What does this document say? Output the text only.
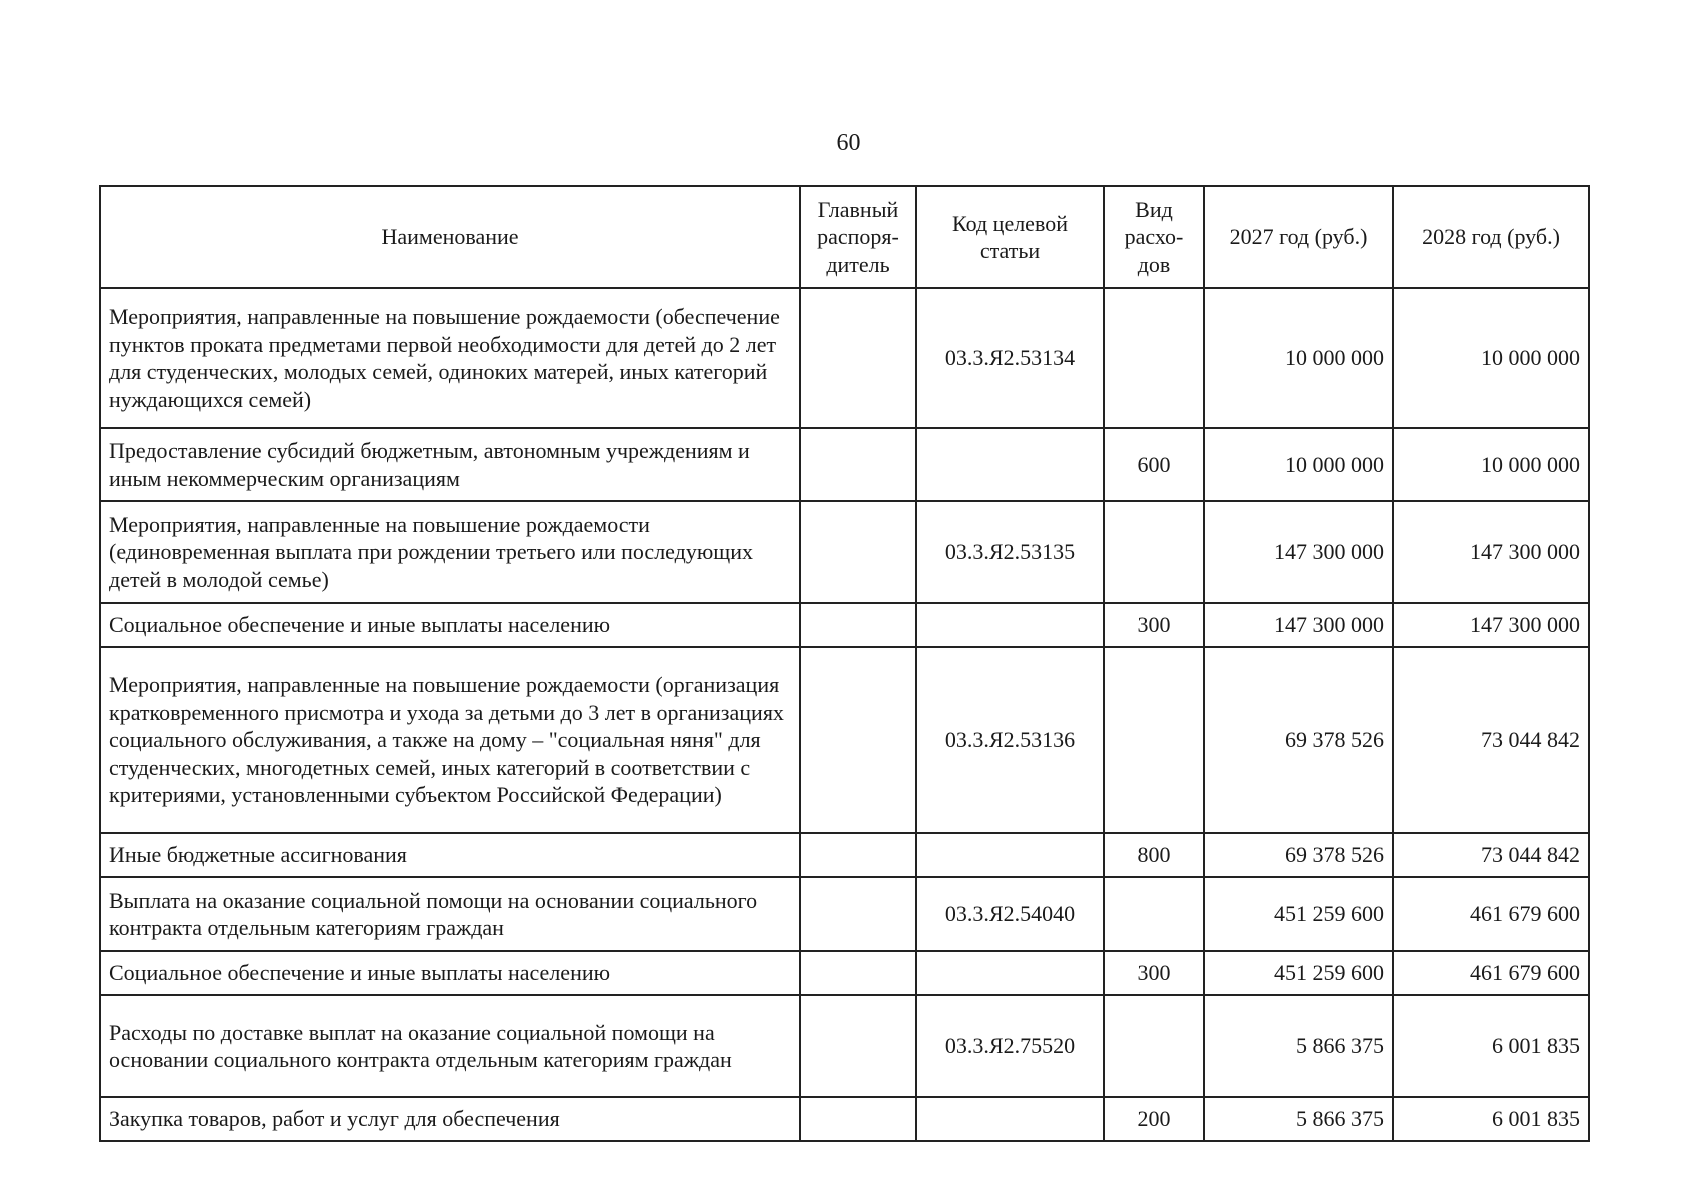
60
Наименование	Главный распоря-дитель	Код целевой статьи	Вид расхо-дов	2027 год (руб.)	2028 год (руб.)
Мероприятия, направленные на повышение рождаемости (обеспечение пунктов проката предметами первой необходимости для детей до 2 лет для студенческих, молодых семей, одиноких матерей, иных категорий нуждающихся семей)		03.3.Я2.53134		10 000 000	10 000 000
Предоставление субсидий бюджетным, автономным учреждениям и иным некоммерческим организациям			600	10 000 000	10 000 000
Мероприятия, направленные на повышение рождаемости (единовременная выплата при рождении третьего или последующих детей в молодой семье)		03.3.Я2.53135		147 300 000	147 300 000
Социальное обеспечение и иные выплаты населению			300	147 300 000	147 300 000
Мероприятия, направленные на повышение рождаемости (организация кратковременного присмотра и ухода за детьми до 3 лет в организациях социального обслуживания, а также на дому – "социальная няня" для студенческих, многодетных семей, иных категорий в соответствии с критериями, установленными субъектом Российской Федерации)		03.3.Я2.53136		69 378 526	73 044 842
Иные бюджетные ассигнования			800	69 378 526	73 044 842
Выплата на оказание социальной помощи на основании социального контракта отдельным категориям граждан		03.3.Я2.54040		451 259 600	461 679 600
Социальное обеспечение и иные выплаты населению			300	451 259 600	461 679 600
Расходы по доставке выплат на оказание социальной помощи на основании социального контракта отдельным категориям граждан		03.3.Я2.75520		5 866 375	6 001 835
Закупка товаров, работ и услуг для обеспечения			200	5 866 375	6 001 835
